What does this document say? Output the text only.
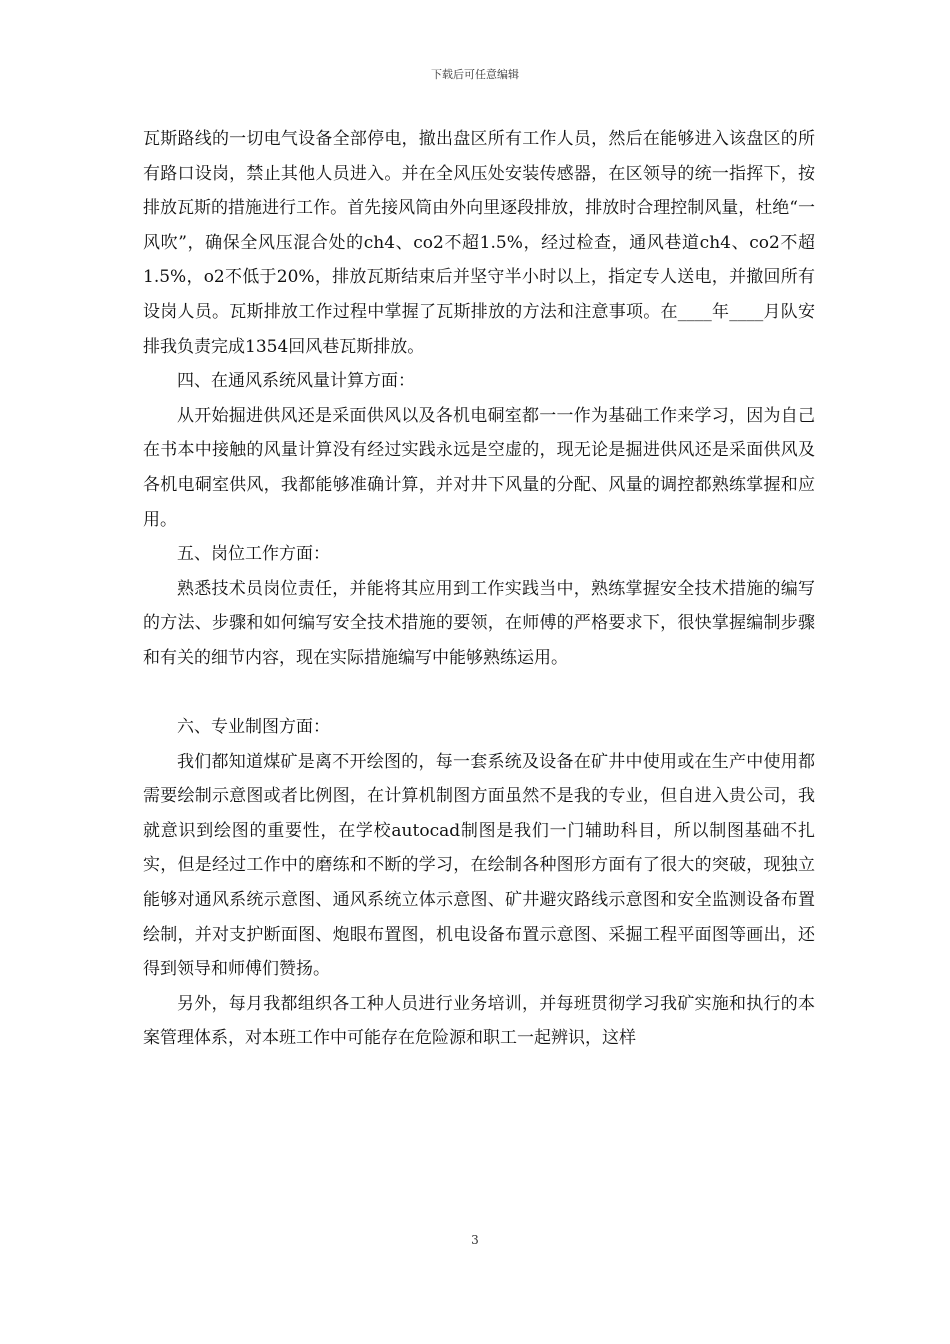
下载后可任意编辑

瓦斯路线的一切电气设备全部停电，撤出盘区所有工作人员，然后在能够进入该盘区的所有路口设岗，禁止其他人员进入。并在全风压处安装传感器，在区领导的统一指挥下，按排放瓦斯的措施进行工作。首先接风筒由外向里逐段排放，排放时合理控制风量，杜绝“一风吹”，确保全风压混合处的ch4、co2不超1.5%，经过检查，通风巷道ch4、co2不超1.5%，o2不低于20%，排放瓦斯结束后并坚守半小时以上，指定专人送电，并撤回所有设岗人员。瓦斯排放工作过程中掌握了瓦斯排放的方法和注意事项。在____年____月队安排我负责完成1354回风巷瓦斯排放。

四、在通风系统风量计算方面：

从开始掘进供风还是采面供风以及各机电硐室都一一作为基础工作来学习，因为自己在书本中接触的风量计算没有经过实践永远是空虚的，现无论是掘进供风还是采面供风及各机电硐室供风，我都能够准确计算，并对井下风量的分配、风量的调控都熟练掌握和应用。

五、岗位工作方面：

熟悉技术员岗位责任，并能将其应用到工作实践当中，熟练掌握安全技术措施的编写的方法、步骤和如何编写安全技术措施的要领，在师傅的严格要求下，很快掌握编制步骤和有关的细节内容，现在实际措施编写中能够熟练运用。

六、专业制图方面：

我们都知道煤矿是离不开绘图的，每一套系统及设备在矿井中使用或在生产中使用都需要绘制示意图或者比例图，在计算机制图方面虽然不是我的专业，但自进入贵公司，我就意识到绘图的重要性，在学校autocad制图是我们一门辅助科目，所以制图基础不扎实，但是经过工作中的磨练和不断的学习，在绘制各种图形方面有了很大的突破，现独立能够对通风系统示意图、通风系统立体示意图、矿井避灾路线示意图和安全监测设备布置绘制，并对支护断面图、炮眼布置图，机电设备布置示意图、采掘工程平面图等画出，还得到领导和师傅们赞扬。

另外，每月我都组织各工种人员进行业务培训，并每班贯彻学习我矿实施和执行的本案管理体系，对本班工作中可能存在危险源和职工一起辨识，这样

3
